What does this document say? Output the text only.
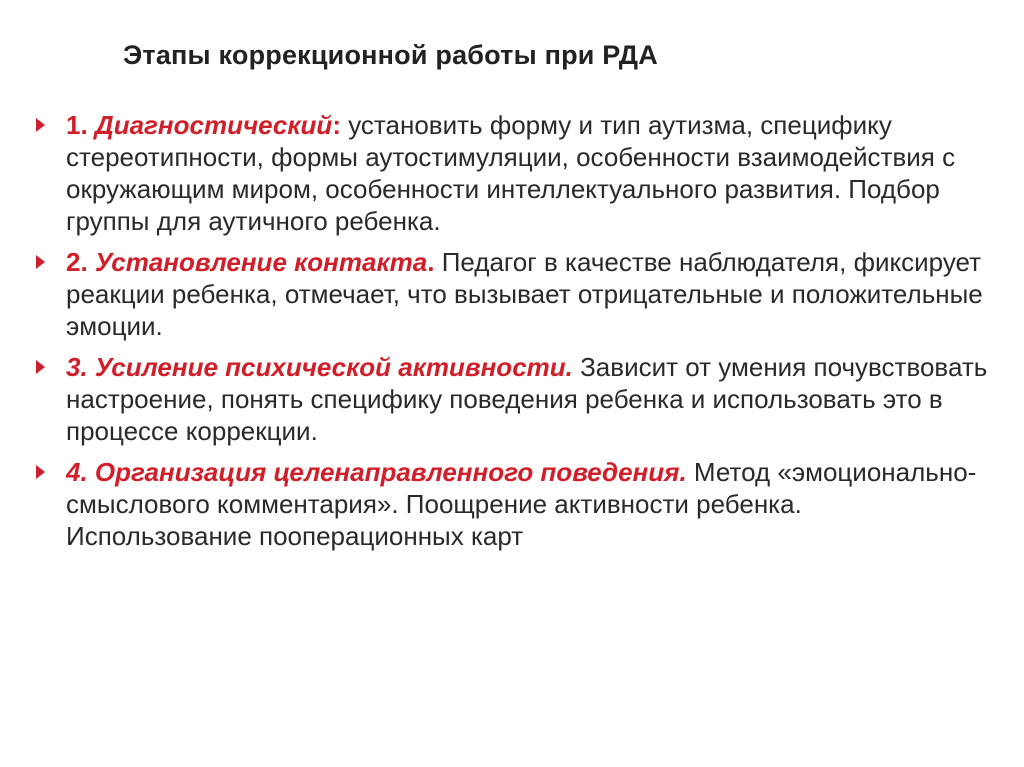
Этапы коррекционной работы при РДА
1. Диагностический: установить форму и тип аутизма, специфику стереотипности, формы аутостимуляции, особенности взаимодействия с окружающим миром, особенности интеллектуального развития. Подбор группы для аутичного ребенка.
2. Установление контакта. Педагог в качестве наблюдателя, фиксирует реакции ребенка, отмечает, что вызывает отрицательные и положительные эмоции.
3. Усиление психической активности. Зависит от умения почувствовать настроение, понять специфику поведения ребенка и использовать это в процессе коррекции.
4. Организация целенаправленного поведения. Метод «эмоционально-смыслового комментария». Поощрение активности ребенка. Использование пооперационных карт
